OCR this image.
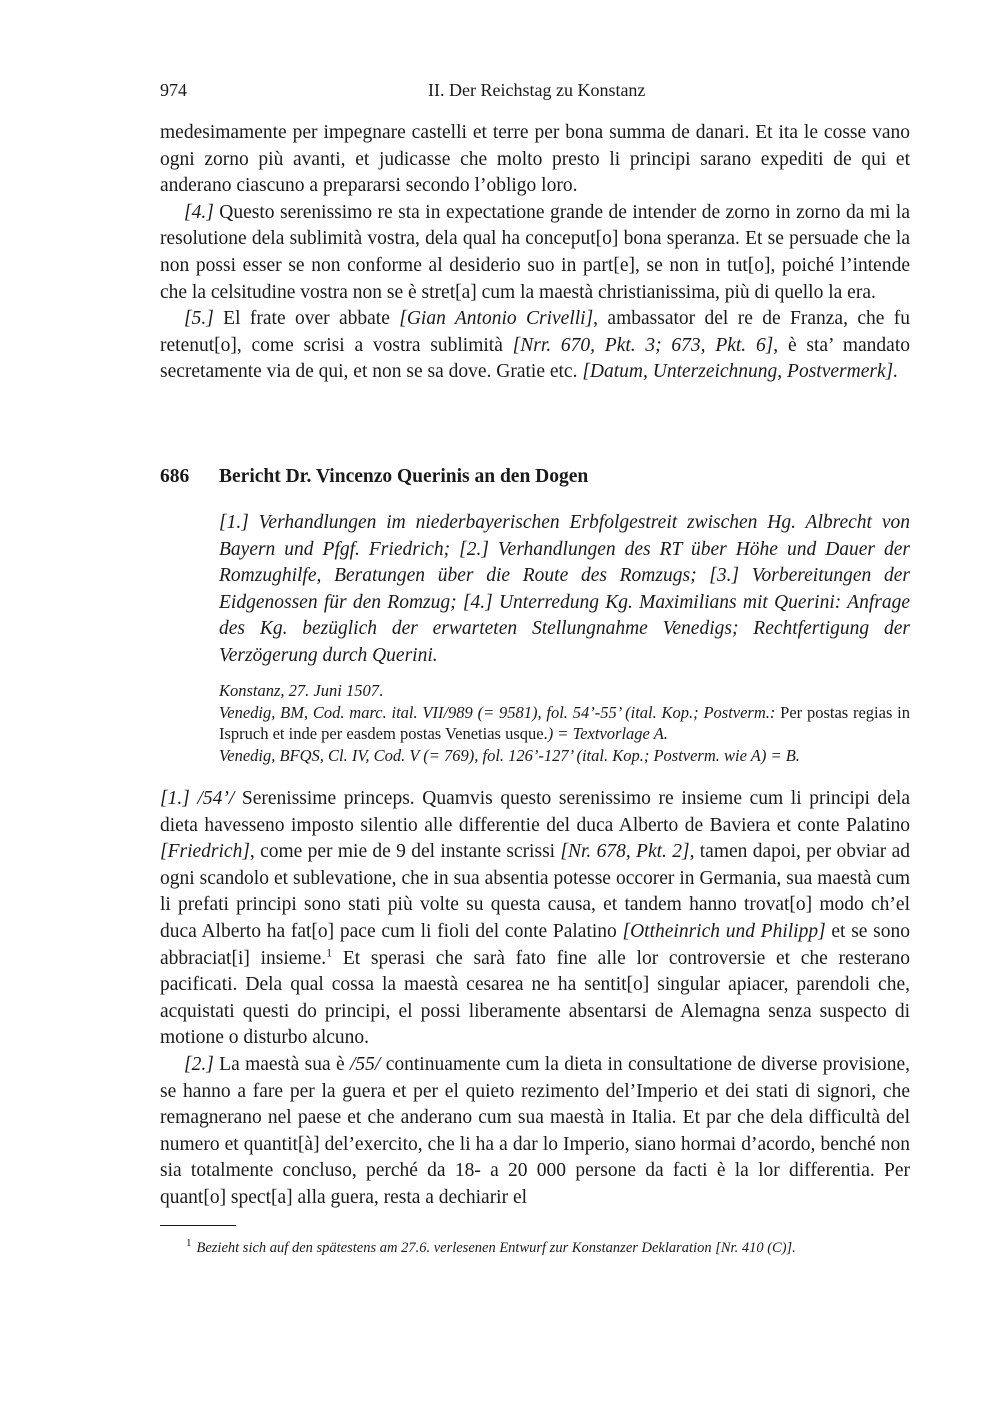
974	II. Der Reichstag zu Konstanz

medesimamente per impegnare castelli et terre per bona summa de danari. Et ita le cosse vano ogni zorno più avanti, et judicasse che molto presto li principi sarano expediti de qui et anderano ciascuno a prepararsi secondo l’obligo loro.

[4.] Questo serenissimo re sta in expectatione grande de intender de zorno in zorno da mi la resolutione dela sublimità vostra, dela qual ha conceput[o] bona speranza. Et se persuade che la non possi esser se non conforme al desiderio suo in part[e], se non in tut[o], poiché l’intende che la celsitudine vostra non se è stret[a] cum la maestà christianissima, più di quello la era.

[5.] El frate over abbate [Gian Antonio Crivelli], ambassator del re de Franza, che fu retenut[o], come scrisi a vostra sublimità [Nrr. 670, Pkt. 3; 673, Pkt. 6], è sta’ mandato secretamente via de qui, et non se sa dove. Gratie etc. [Datum, Unterzeichnung, Postvermerk].

686 Bericht Dr. Vincenzo Querinis an den Dogen
[1.] Verhandlungen im niederbayerischen Erbfolgestreit zwischen Hg. Albrecht von Bayern und Pfgf. Friedrich; [2.] Verhandlungen des RT über Höhe und Dauer der Romzughilfe, Beratungen über die Route des Romzugs; [3.] Vorbereitungen der Eidgenossen für den Romzug; [4.] Unterredung Kg. Maximilians mit Querini: Anfrage des Kg. bezüglich der erwarteten Stellungnahme Venedigs; Rechtfertigung der Verzögerung durch Querini.

Konstanz, 27. Juni 1507.

Venedig, BM, Cod. marc. ital. VII/989 (= 9581), fol. 54’-55’ (ital. Kop.; Postverm.: Per postas regias in Ispruch et inde per easdem postas Venetias usque.) = Textvorlage A.

Venedig, BFQS, Cl. IV, Cod. V (= 769), fol. 126’-127’ (ital. Kop.; Postverm. wie A) = B.

[1.] /54’/ Serenissime princeps. Quamvis questo serenissimo re insieme cum li principi dela dieta havesseno imposto silentio alle differentie del duca Alberto de Baviera et conte Palatino [Friedrich], come per mie de 9 del instante scrissi [Nr. 678, Pkt. 2], tamen dapoi, per obviar ad ogni scandolo et sublevatione, che in sua absentia potesse occorer in Germania, sua maestà cum li prefati principi sono stati più volte su questa causa, et tandem hanno trovat[o] modo ch’el duca Alberto ha fat[o] pace cum li fioli del conte Palatino [Ottheinrich und Philipp] et se sono abbraciat[i] insieme.$^1$ Et sperasi che sarà fato fine alle lor controversie et che resterano pacificati. Dela qual cossa la maestà cesarea ne ha sentit[o] singular apiacer, parendoli che, acquistati questi do principi, el possi liberamente absentarsi de Alemagna senza suspecto di motione o disturbo alcuno.

[2.] La maestà sua è /55/ continuamente cum la dieta in consultatione de diverse provisione, se hanno a fare per la guera et per el quieto rezimento del’Imperio et dei stati di signori, che remagnerano nel paese et che anderano cum sua maestà in Italia. Et par che dela difficultà del numero et quantit[à] del’exercito, che li ha a dar lo Imperio, siano hormai d’acordo, benché non sia totalmente concluso, perché da 18- a 20 000 persone da facti è la lor differentia. Per quant[o] spect[a] alla guera, resta a dechiarir el

$^1$ Bezieht sich auf den spätestens am 27.6. verlesenen Entwurf zur Konstanzer Deklaration [Nr. 410 (C)].
